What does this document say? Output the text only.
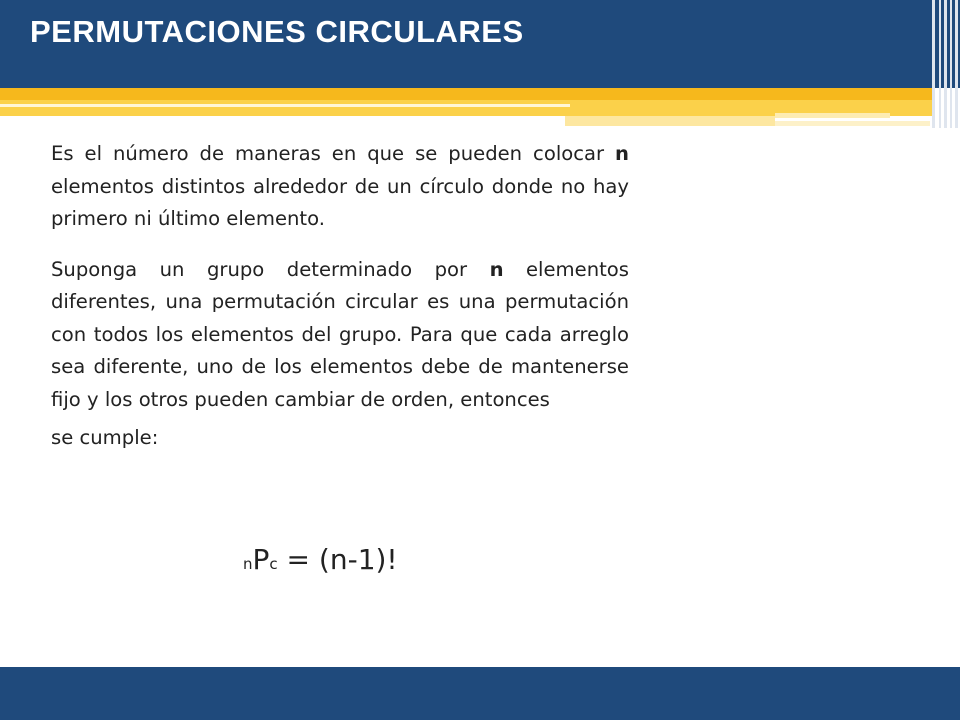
PERMUTACIONES CIRCULARES

Es el número de maneras en que se pueden colocar n elementos distintos alrededor de un círculo donde no hay primero ni último elemento.

Suponga un grupo determinado por n elementos diferentes, una permutación circular es una permutación con todos los elementos del grupo. Para que cada arreglo sea diferente, uno de los elementos debe de mantenerse fijo y los otros pueden cambiar de orden, entonces

se cumple:

nPc = (n-1)!
